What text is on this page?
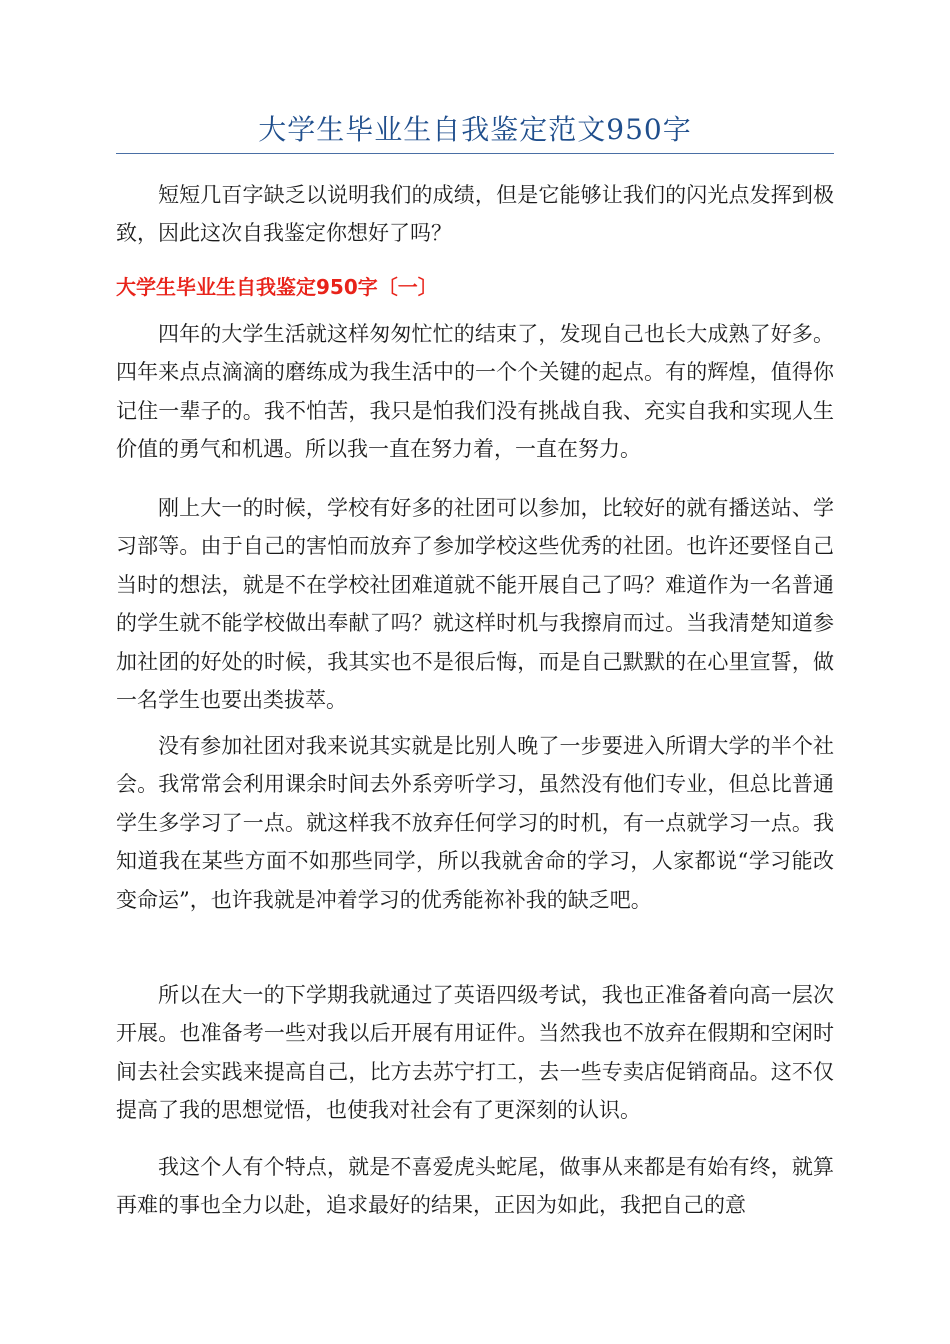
大学生毕业生自我鉴定范文950字

短短几百字缺乏以说明我们的成绩，但是它能够让我们的闪光点发挥到极致，因此这次自我鉴定你想好了吗？

大学生毕业生自我鉴定950字〔一〕

四年的大学生活就这样匆匆忙忙的结束了，发现自己也长大成熟了好多。四年来点点滴滴的磨练成为我生活中的一个个关键的起点。有的辉煌，值得你记住一辈子的。我不怕苦，我只是怕我们没有挑战自我、充实自我和实现人生价值的勇气和机遇。所以我一直在努力着，一直在努力。

刚上大一的时候，学校有好多的社团可以参加，比较好的就有播送站、学习部等。由于自己的害怕而放弃了参加学校这些优秀的社团。也许还要怪自己当时的想法，就是不在学校社团难道就不能开展自己了吗？难道作为一名普通的学生就不能学校做出奉献了吗？就这样时机与我擦肩而过。当我清楚知道参加社团的好处的时候，我其实也不是很后悔，而是自己默默的在心里宣誓，做一名学生也要出类拔萃。

没有参加社团对我来说其实就是比别人晚了一步要进入所谓大学的半个社会。我常常会利用课余时间去外系旁听学习，虽然没有他们专业，但总比普通学生多学习了一点。就这样我不放弃任何学习的时机，有一点就学习一点。我知道我在某些方面不如那些同学，所以我就舍命的学习，人家都说“学习能改变命运”，也许我就是冲着学习的优秀能祢补我的缺乏吧。

所以在大一的下学期我就通过了英语四级考试，我也正准备着向高一层次开展。也准备考一些对我以后开展有用证件。当然我也不放弃在假期和空闲时间去社会实践来提高自己，比方去苏宁打工，去一些专卖店促销商品。这不仅提高了我的思想觉悟，也使我对社会有了更深刻的认识。

我这个人有个特点，就是不喜爱虎头蛇尾，做事从来都是有始有终，就算再难的事也全力以赴，追求最好的结果，正因为如此，我把自己的意
